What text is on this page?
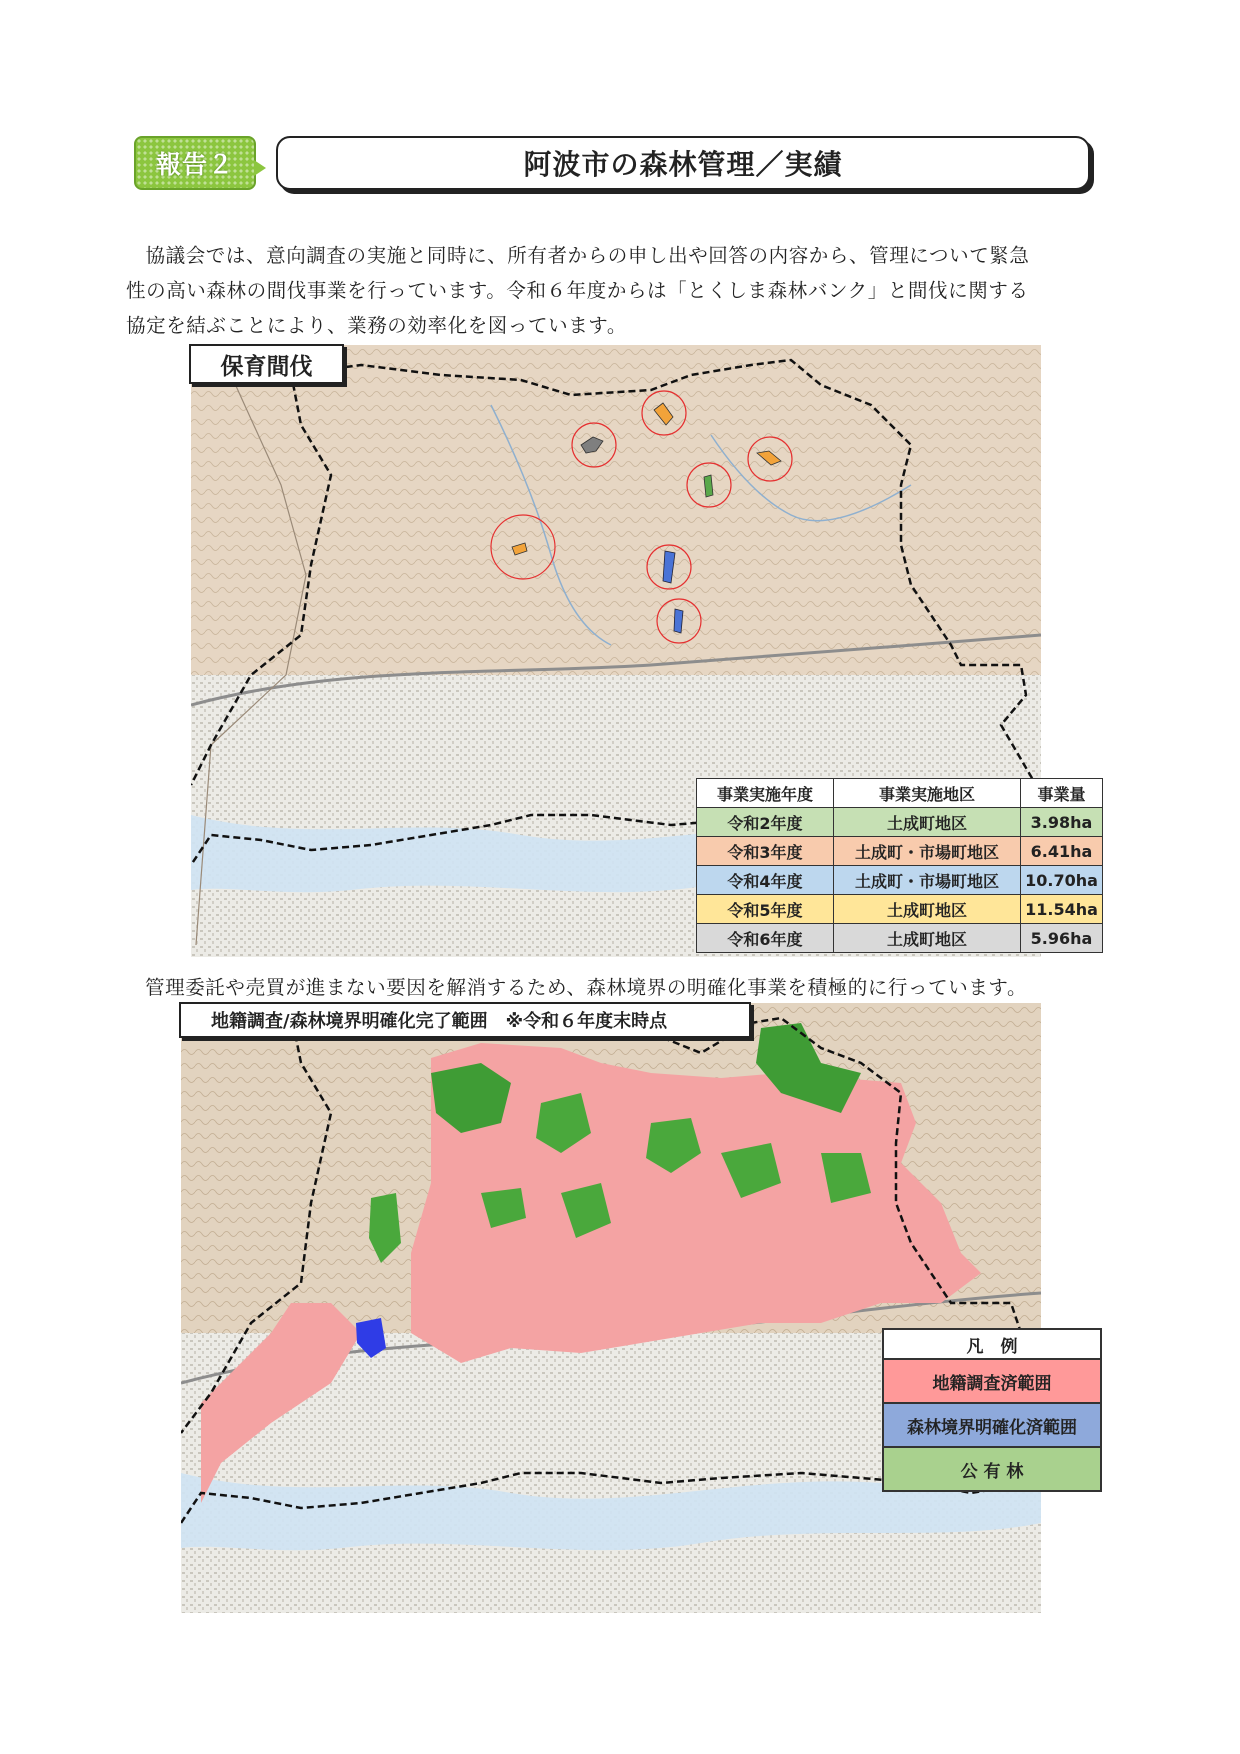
報告２	阿波市の森林管理／実績

協議会では、意向調査の実施と同時に、所有者からの申し出や回答の内容から、管理について緊急

性の高い森林の間伐事業を行っています。令和６年度からは「とくしま森林バンク」と間伐に関する
協定を結ぶことにより、業務の効率化を図っています。
保育間伐
事業実施年度	事業実施地区	事業量
令和2年度	土成町地区	3.98ha
令和3年度	土成町・市場町地区	6.41ha
令和4年度	土成町・市場町地区	10.70ha
令和5年度	土成町地区	11.54ha
令和6年度	土成町地区	5.96ha
管理委託や売買が進まない要因を解消するため、森林境界の明確化事業を積極的に行っています。
地籍調査/森林境界明確化完了範囲　※令和６年度末時点
凡　例
地籍調査済範囲
森林境界明確化済範囲
公 有 林
